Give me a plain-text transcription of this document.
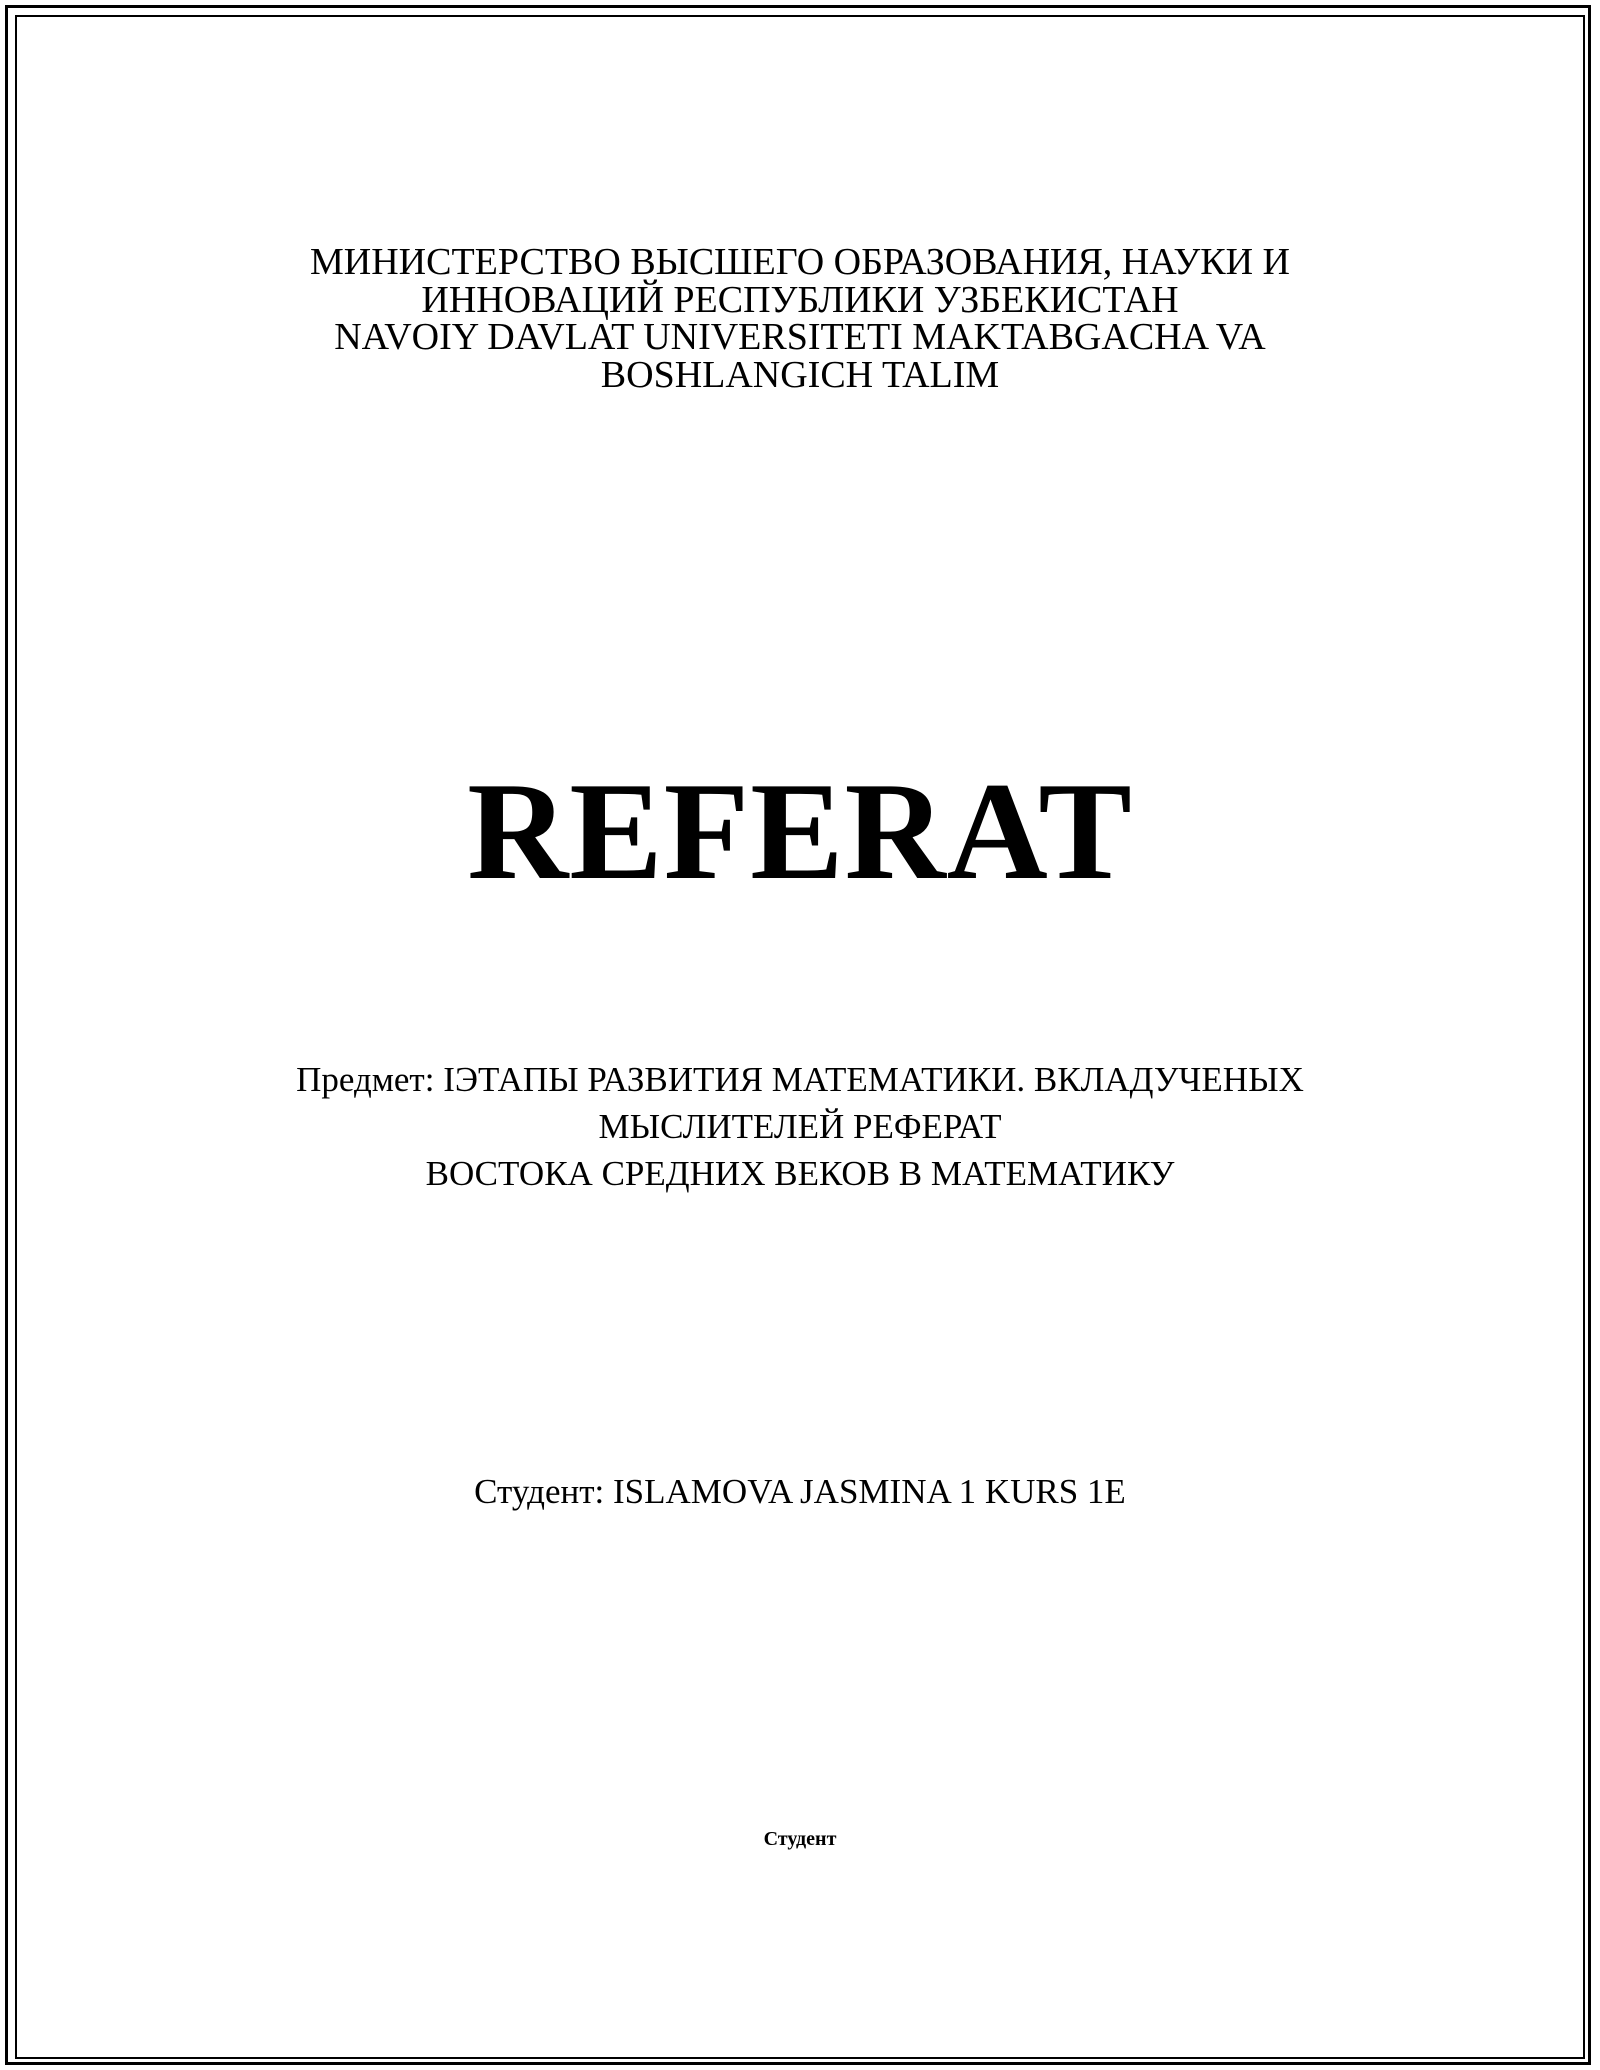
МИНИСТЕРСТВО ВЫСШЕГО ОБРАЗОВАНИЯ, НАУКИ И
ИННОВАЦИЙ РЕСПУБЛИКИ УЗБЕКИСТАН
NAVOIY DAVLAT UNIVERSITETI MAKTABGACHA VA
BOSHLANGICH TALIM
REFERAT
Предмет: IЭТАПЫ РАЗВИТИЯ МАТЕМАТИКИ. ВКЛАДУЧЕНЫХ
МЫСЛИТЕЛЕЙ РЕФЕРАТ
ВОСТОКА СРЕДНИХ ВЕКОВ В МАТЕМАТИКУ
Студент: ISLAMOVA JASMINA 1 KURS 1E
Студент
